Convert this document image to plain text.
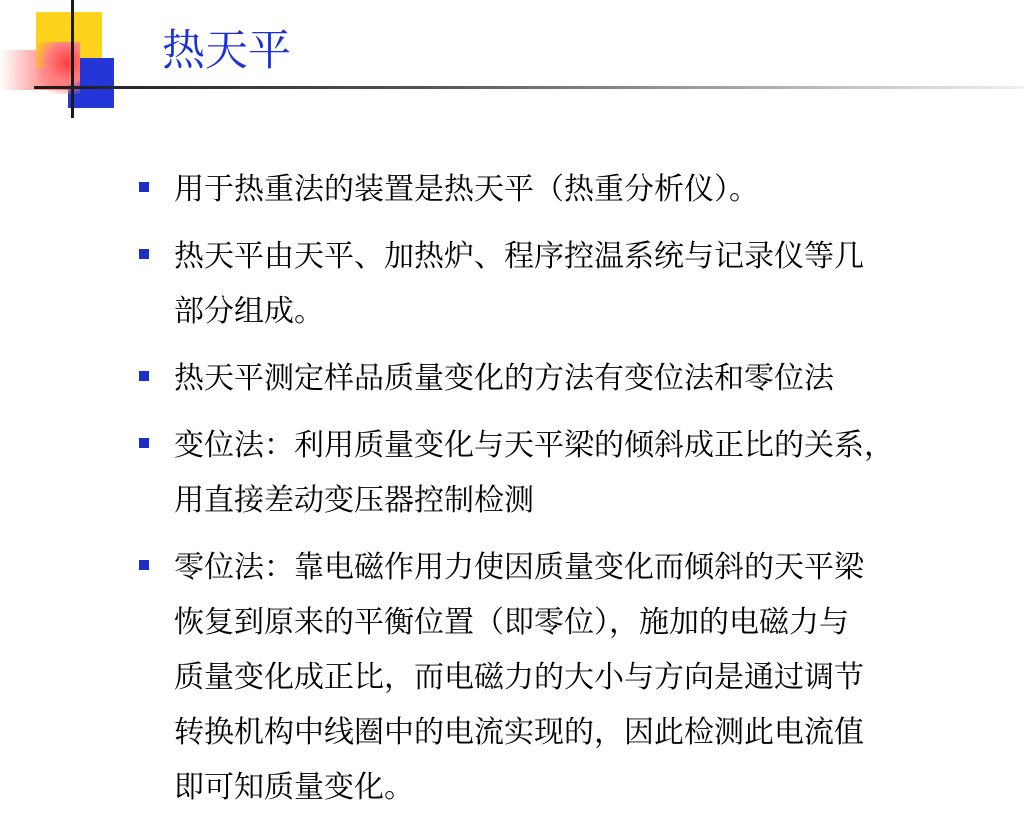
热天平
用于热重法的装置是热天平（热重分析仪）。
热天平由天平、加热炉、程序控温系统与记录仪等几
部分组成。
热天平测定样品质量变化的方法有变位法和零位法
变位法：利用质量变化与天平梁的倾斜成正比的关系，
用直接差动变压器控制检测
零位法：靠电磁作用力使因质量变化而倾斜的天平梁
恢复到原来的平衡位置（即零位），施加的电磁力与
质量变化成正比，而电磁力的大小与方向是通过调节
转换机构中线圈中的电流实现的，因此检测此电流值
即可知质量变化。
